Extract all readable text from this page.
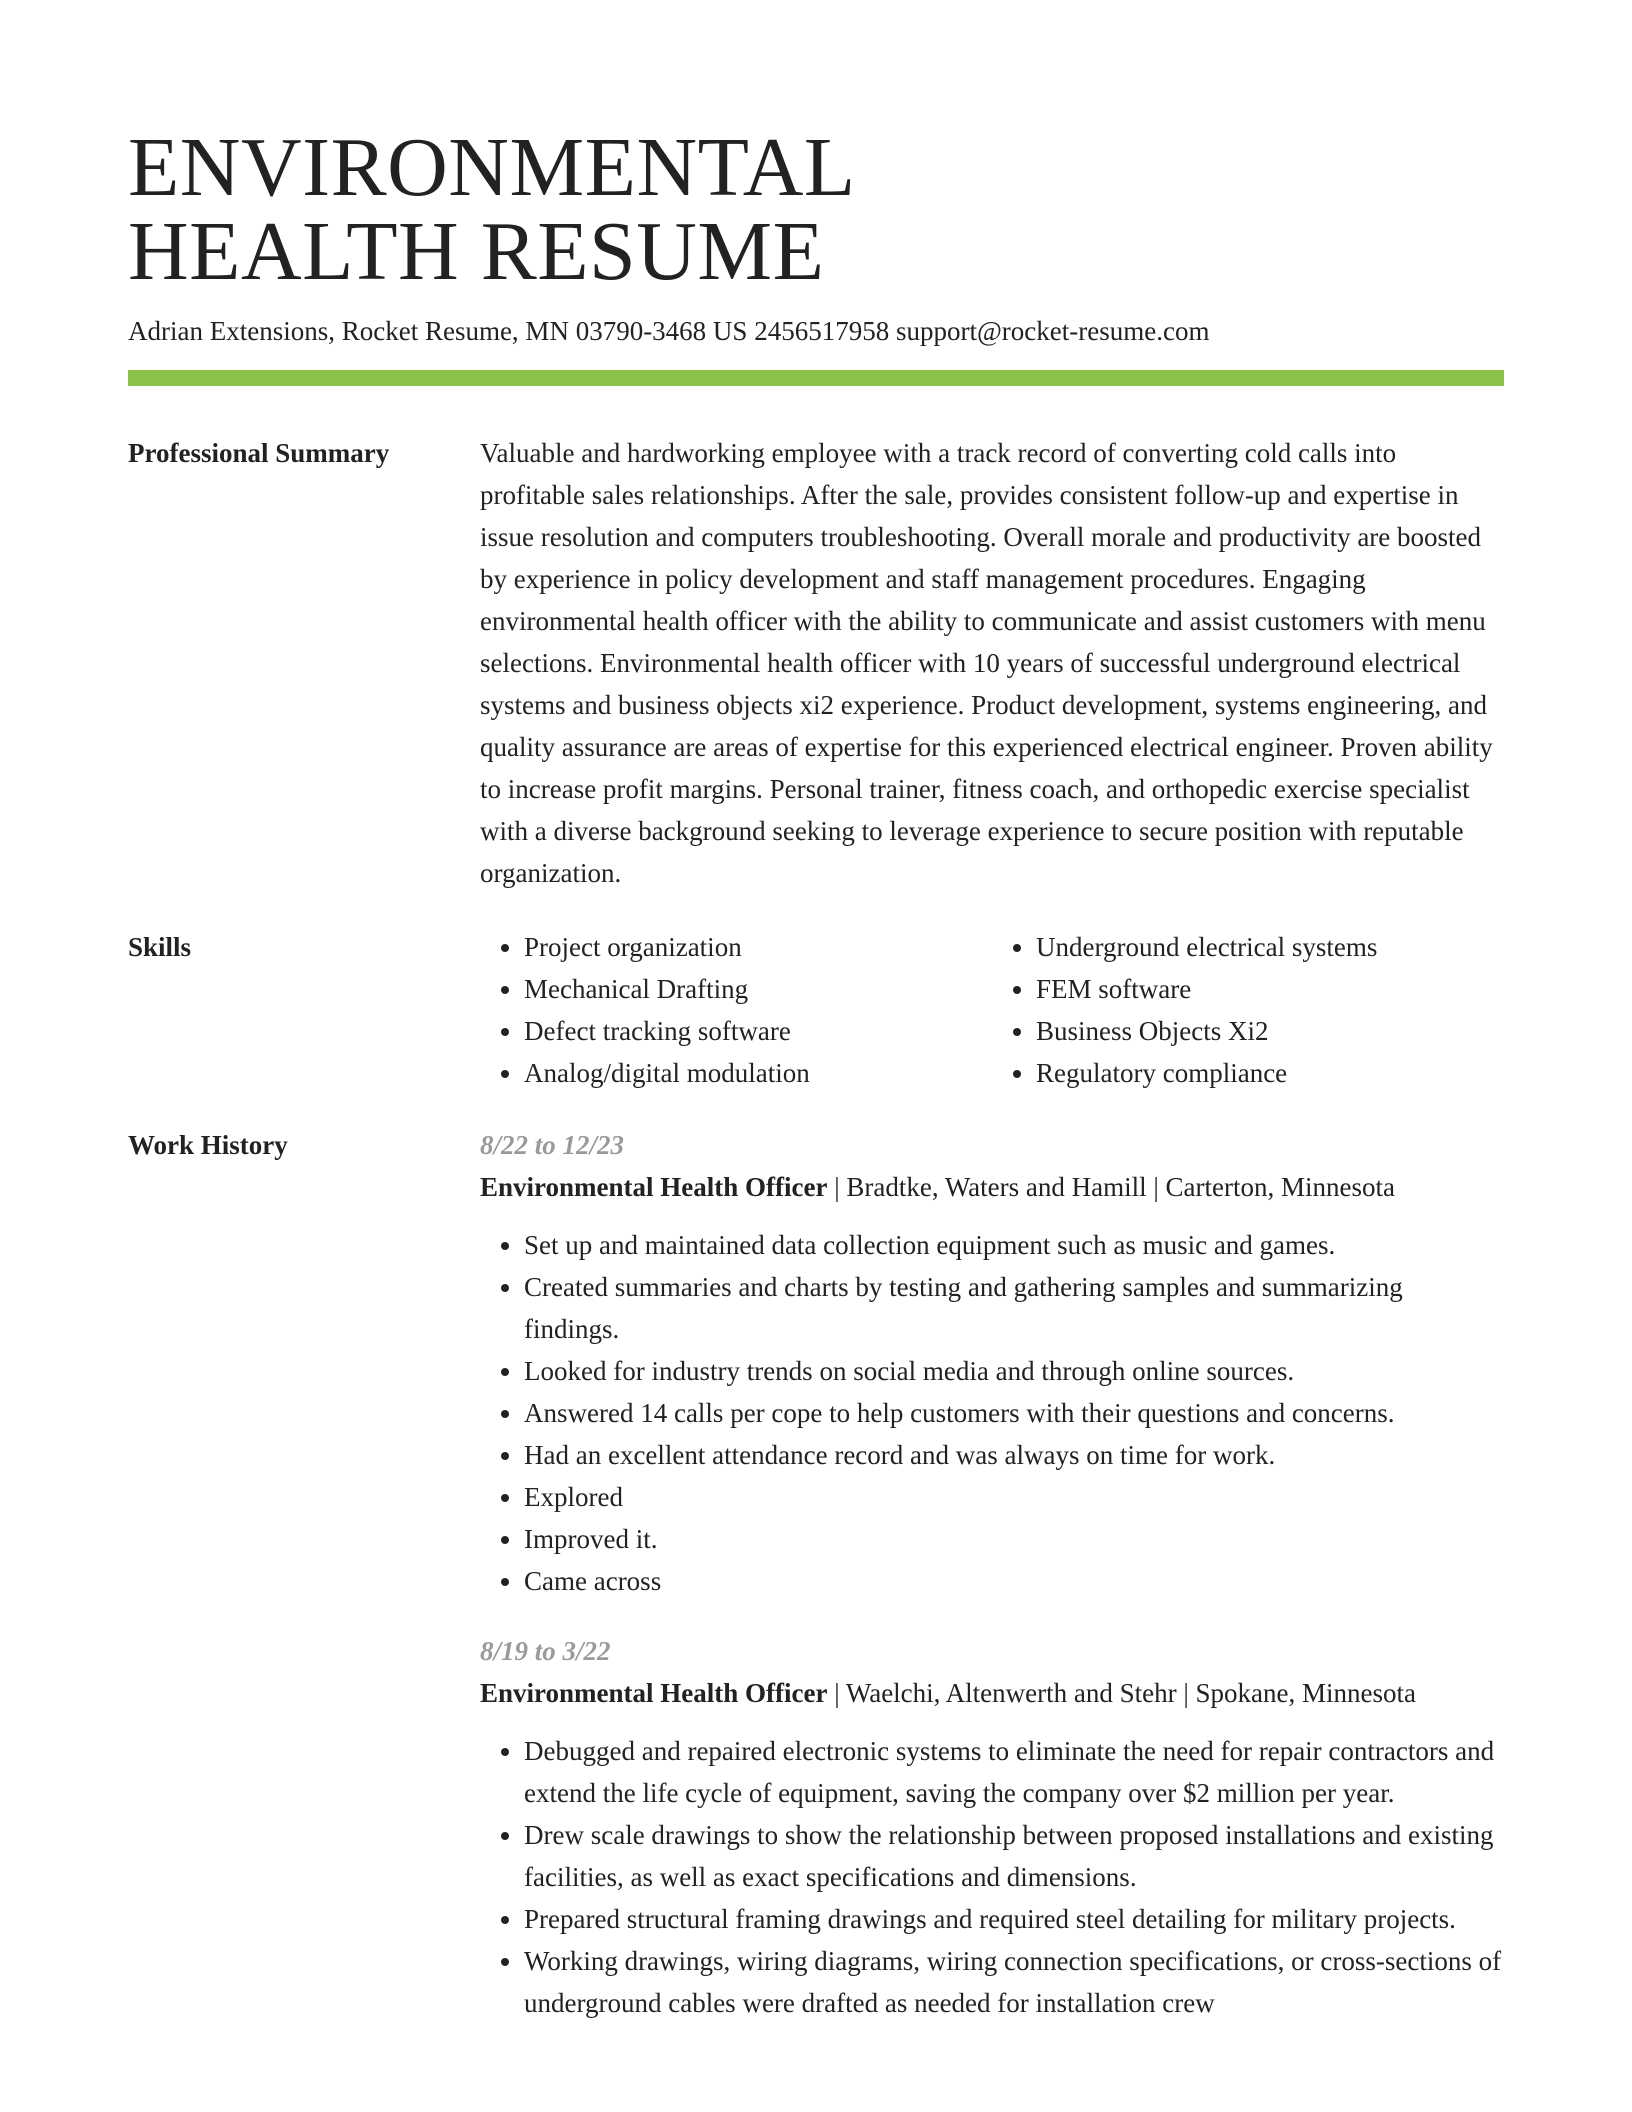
ENVIRONMENTAL
HEALTH RESUME
Adrian Extensions, Rocket Resume, MN 03790-3468 US 2456517958 support@rocket-resume.com
Professional Summary	Valuable and hardworking employee with a track record of converting cold calls into profitable sales relationships. After the sale, provides consistent follow-up and expertise in issue resolution and computers troubleshooting. Overall morale and productivity are boosted by experience in policy development and staff management procedures. Engaging environmental health officer with the ability to communicate and assist customers with menu selections. Environmental health officer with 10 years of successful underground electrical systems and business objects xi2 experience. Product development, systems engineering, and quality assurance are areas of expertise for this experienced electrical engineer. Proven ability to increase profit margins. Personal trainer, fitness coach, and orthopedic exercise specialist with a diverse background seeking to leverage experience to secure position with reputable organization.

Skills
•	Project organization
• Mechanical Drafting
• Defect tracking software
• Analog/digital modulation
• Underground electrical systems
• FEM software
• Business Objects Xi2
• Regulatory compliance
Work History	8/22 to 12/23
Environmental Health Officer | Bradtke, Waters and Hamill | Carterton, Minnesota
• Set up and maintained data collection equipment such as music and games.
• Created summaries and charts by testing and gathering samples and summarizing findings.
• Looked for industry trends on social media and through online sources.
• Answered 14 calls per cope to help customers with their questions and concerns.
• Had an excellent attendance record and was always on time for work.
• Explored
• Improved it.
• Came across
8/19 to 3/22
Environmental Health Officer | Waelchi, Altenwerth and Stehr | Spokane, Minnesota
• Debugged and repaired electronic systems to eliminate the need for repair contractors and extend the life cycle of equipment, saving the company over $2 million per year.
• Drew scale drawings to show the relationship between proposed installations and existing facilities, as well as exact specifications and dimensions.
• Prepared structural framing drawings and required steel detailing for military projects.
• Working drawings, wiring diagrams, wiring connection specifications, or cross-sections of underground cables were drafted as needed for installation crew
